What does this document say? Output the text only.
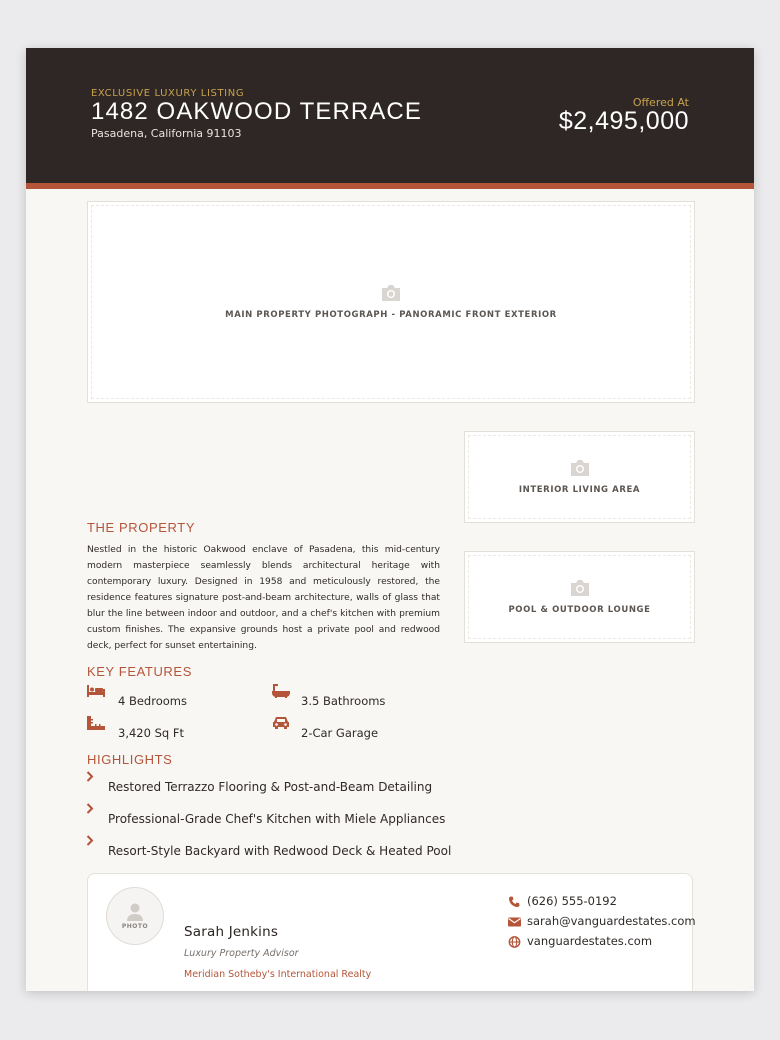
EXCLUSIVE LUXURY LISTING
1482 OAKWOOD TERRACE
Pasadena, California 91103
Offered At
$2,495,000
MAIN PROPERTY PHOTOGRAPH - PANORAMIC FRONT EXTERIOR
INTERIOR LIVING AREA
POOL & OUTDOOR LOUNGE
THE PROPERTY
Nestled in the historic Oakwood enclave of Pasadena, this mid-century modern masterpiece seamlessly blends architectural heritage with contemporary luxury. Designed in 1958 and meticulously restored, the residence features signature post-and-beam architecture, walls of glass that blur the line between indoor and outdoor, and a chef's kitchen with premium custom finishes. The expansive grounds host a private pool and redwood deck, perfect for sunset entertaining.
KEY FEATURES
4 Bedrooms	3.5 Bathrooms
3,420 Sq Ft	2-Car Garage
HIGHLIGHTS
Restored Terrazzo Flooring & Post-and-Beam Detailing
Professional-Grade Chef's Kitchen with Miele Appliances
Resort-Style Backyard with Redwood Deck & Heated Pool
PHOTO	Sarah Jenkins
Luxury Property Advisor
Meridian Sotheby's International Realty
(626) 555-0192
sarah@vanguardestates.com
vanguardestates.com
